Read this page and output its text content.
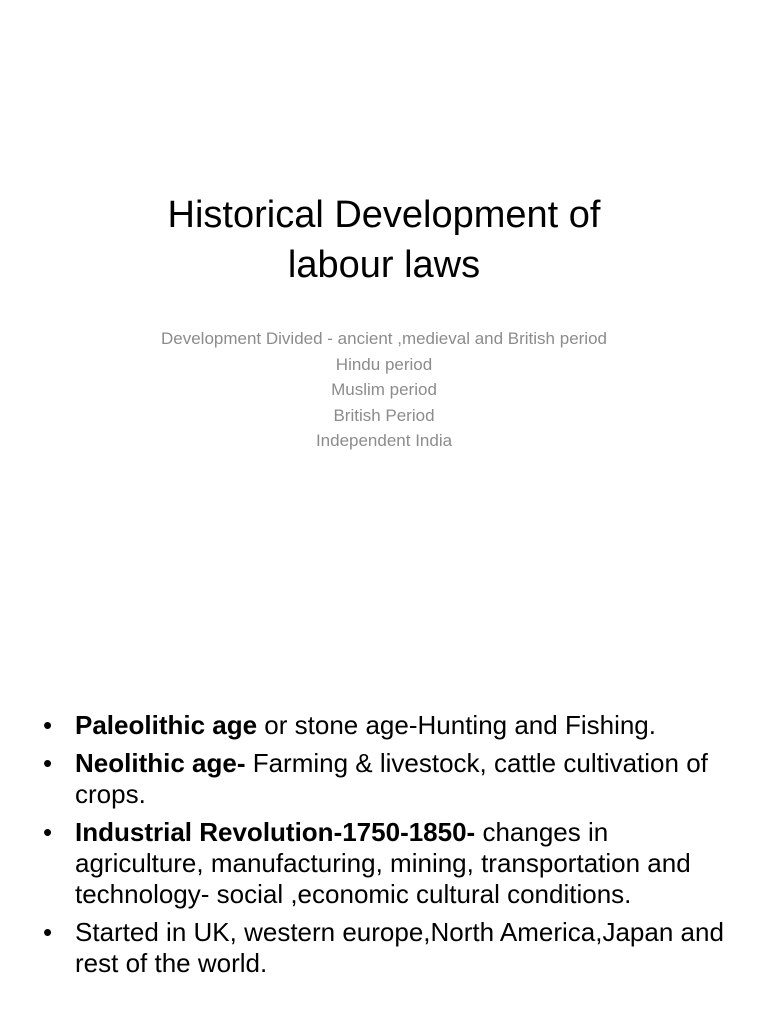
Historical Development of
labour laws
Development Divided - ancient ,medieval and British period
Hindu period
Muslim period
British Period
Independent India
• Paleolithic age or stone age-Hunting and Fishing.
• Neolithic age- Farming & livestock, cattle cultivation of crops.
• Industrial Revolution-1750-1850- changes in agriculture, manufacturing, mining, transportation and technology- social ,economic cultural conditions.
• Started in UK, western europe,North America,Japan and rest of the world.
